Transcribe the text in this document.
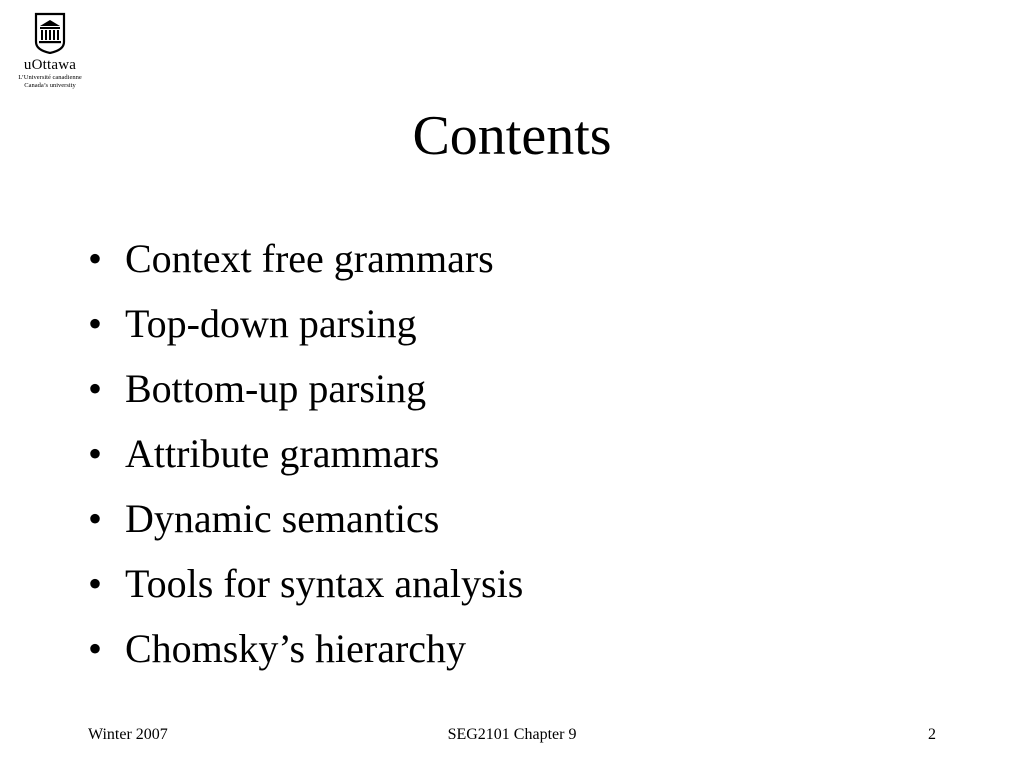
uOttawa
L’Université canadienne
Canada’s university
Contents
• Context free grammars
• Top-down parsing
• Bottom-up parsing
• Attribute grammars
• Dynamic semantics
• Tools for syntax analysis
• Chomsky’s hierarchy
Winter 2007	SEG2101 Chapter 9	2
